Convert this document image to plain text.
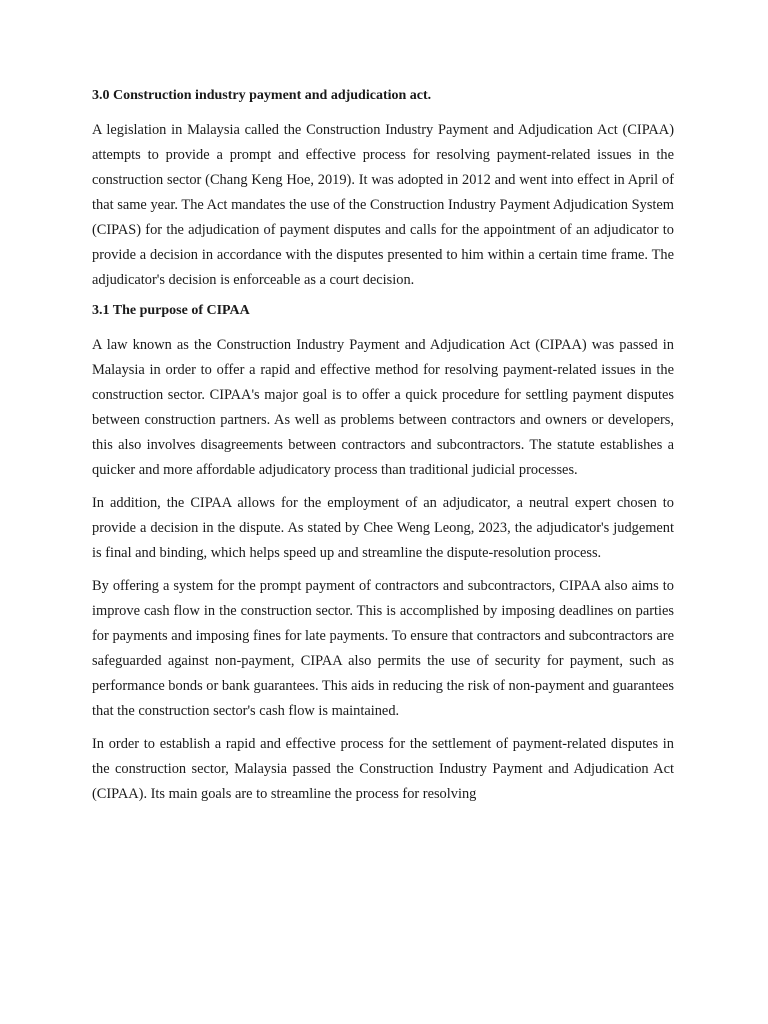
3.0 Construction industry payment and adjudication act.

A legislation in Malaysia called the Construction Industry Payment and Adjudication Act (CIPAA) attempts to provide a prompt and effective process for resolving payment-related issues in the construction sector (Chang Keng Hoe, 2019). It was adopted in 2012 and went into effect in April of that same year. The Act mandates the use of the Construction Industry Payment Adjudication System (CIPAS) for the adjudication of payment disputes and calls for the appointment of an adjudicator to provide a decision in accordance with the disputes presented to him within a certain time frame. The adjudicator's decision is enforceable as a court decision.

3.1 The purpose of CIPAA

A law known as the Construction Industry Payment and Adjudication Act (CIPAA) was passed in Malaysia in order to offer a rapid and effective method for resolving payment-related issues in the construction sector. CIPAA's major goal is to offer a quick procedure for settling payment disputes between construction partners. As well as problems between contractors and owners or developers, this also involves disagreements between contractors and subcontractors. The statute establishes a quicker and more affordable adjudicatory process than traditional judicial processes.

In addition, the CIPAA allows for the employment of an adjudicator, a neutral expert chosen to provide a decision in the dispute. As stated by Chee Weng Leong, 2023, the adjudicator's judgement is final and binding, which helps speed up and streamline the dispute-resolution process.

By offering a system for the prompt payment of contractors and subcontractors, CIPAA also aims to improve cash flow in the construction sector. This is accomplished by imposing deadlines on parties for payments and imposing fines for late payments. To ensure that contractors and subcontractors are safeguarded against non-payment, CIPAA also permits the use of security for payment, such as performance bonds or bank guarantees. This aids in reducing the risk of non-payment and guarantees that the construction sector's cash flow is maintained.

In order to establish a rapid and effective process for the settlement of payment-related disputes in the construction sector, Malaysia passed the Construction Industry Payment and Adjudication Act (CIPAA). Its main goals are to streamline the process for resolving
